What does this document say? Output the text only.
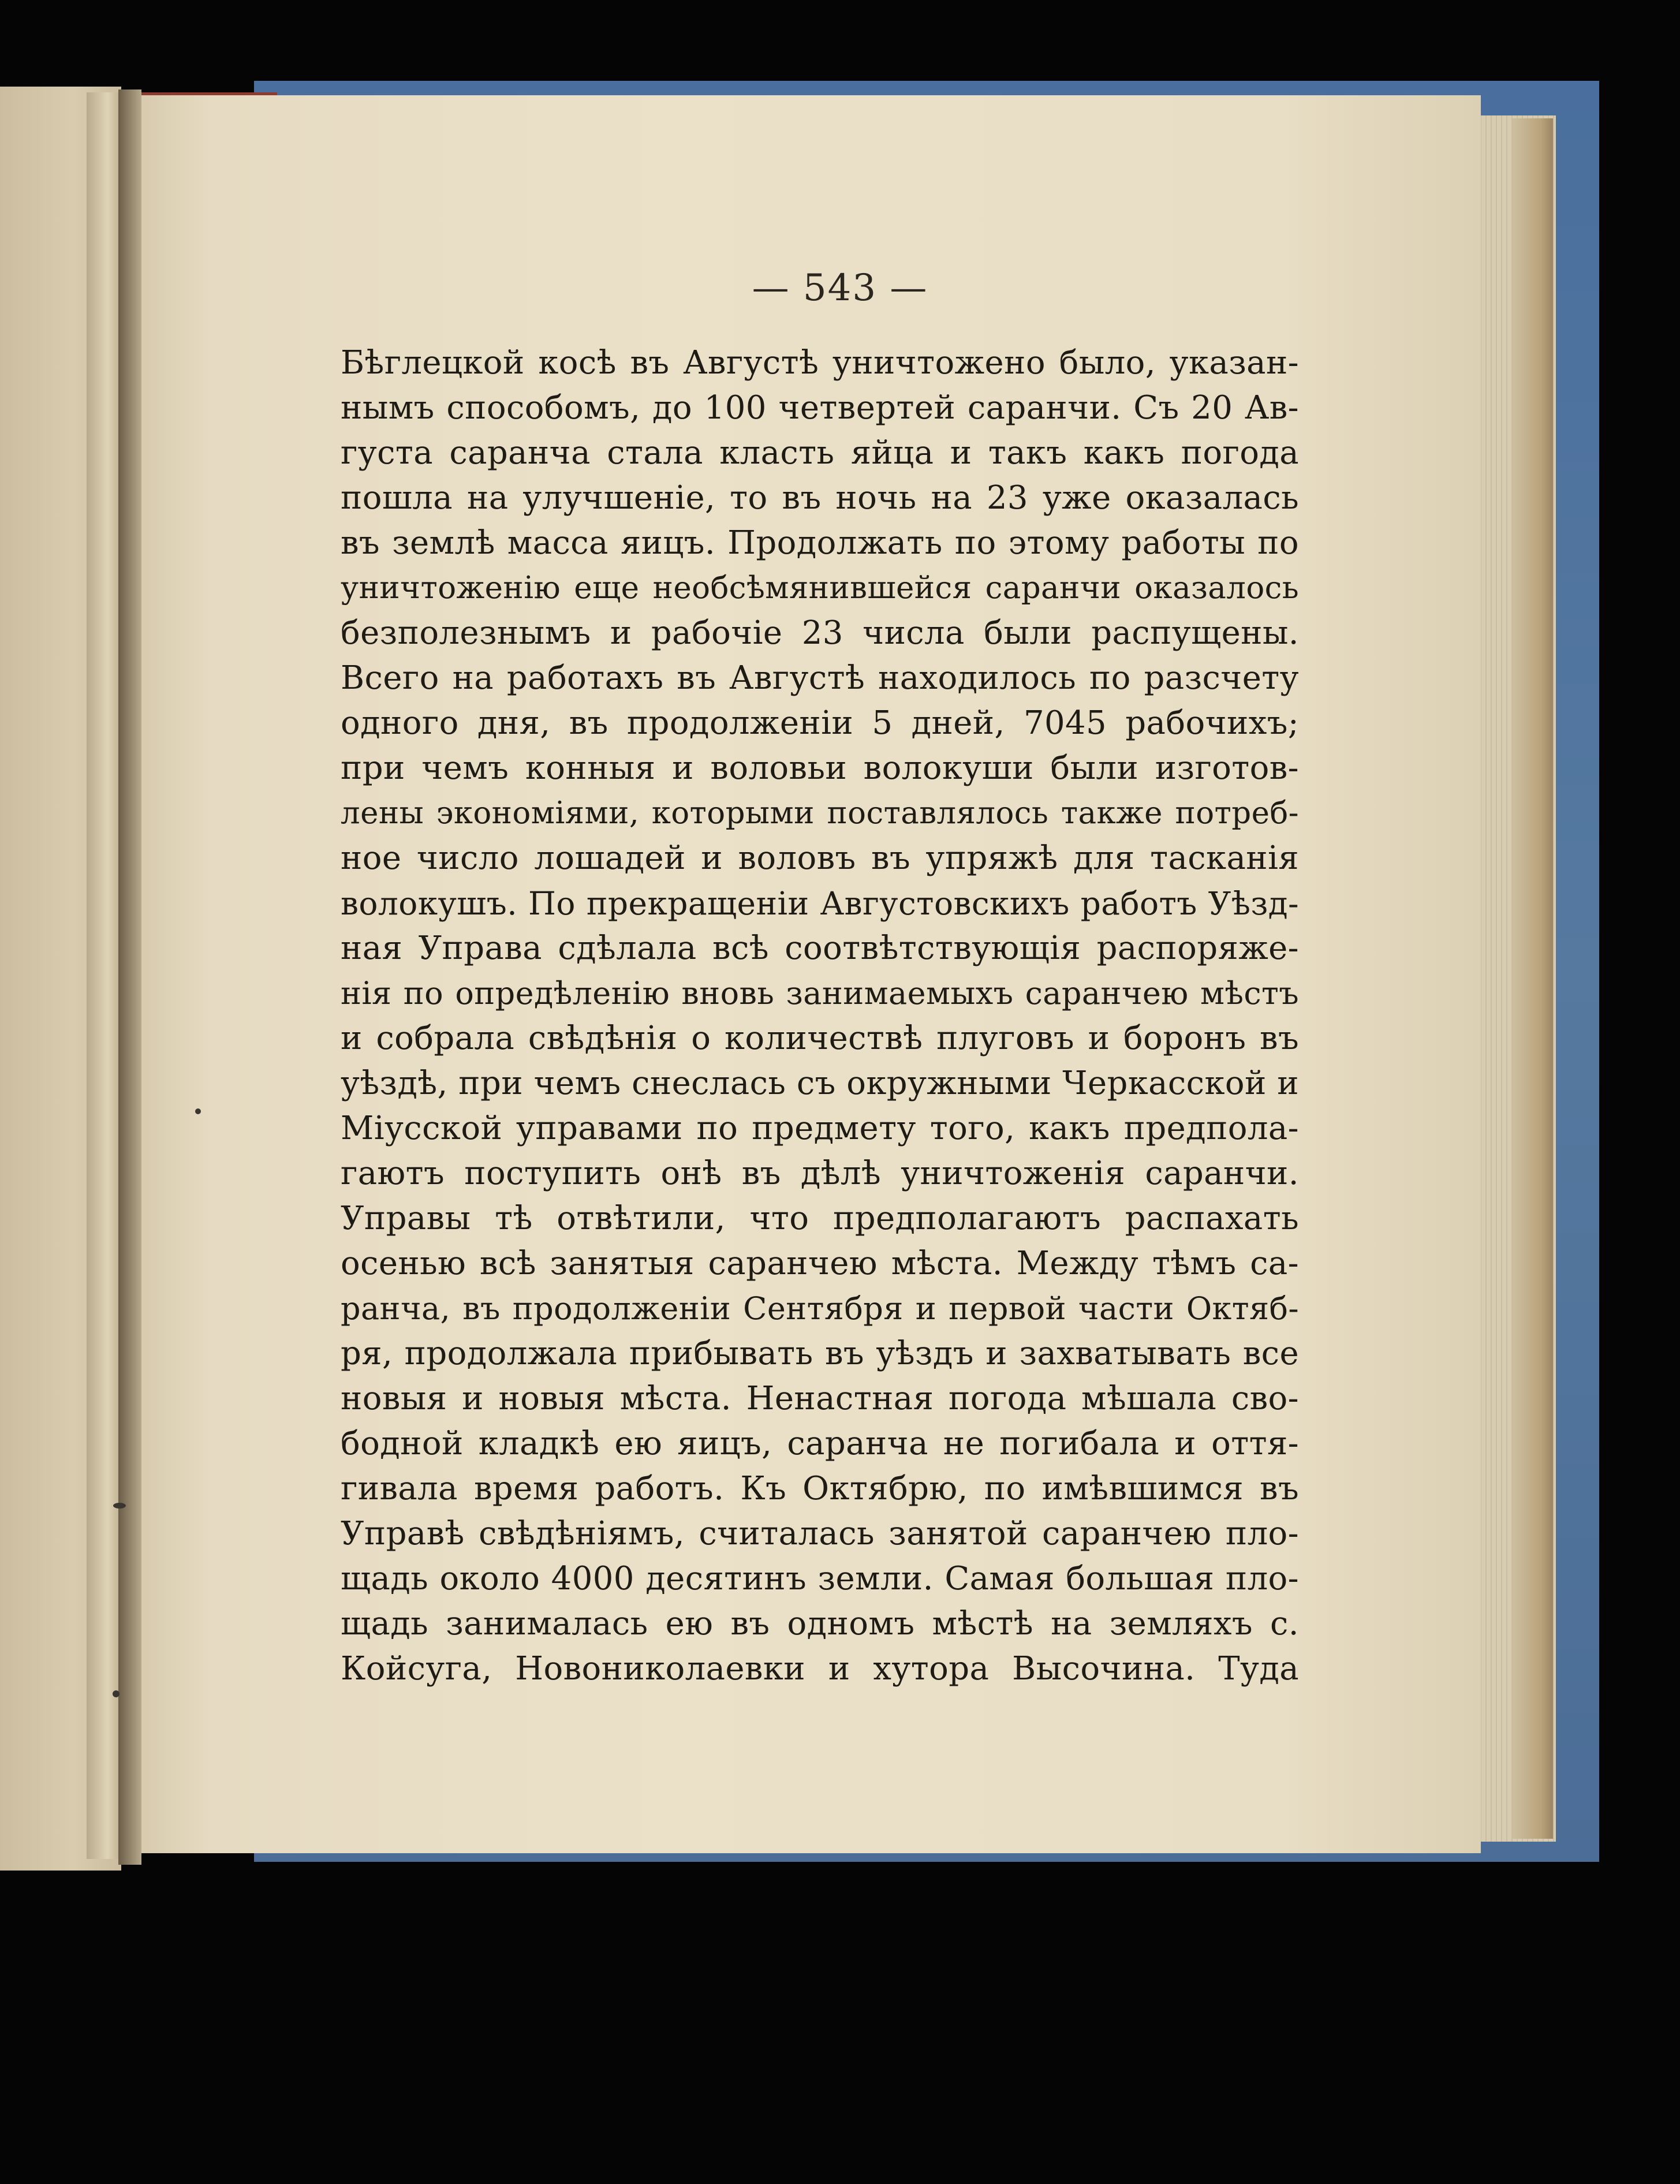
— 543 —
Бѣглецкой косѣ въ Августѣ уничтожено было, указан-
нымъ способомъ, до 100 четвертей саранчи. Съ 20 Ав-
густа саранча стала класть яйца и такъ какъ погода
пошла на улучшеніе, то въ ночь на 23 уже оказалась
въ землѣ масса яицъ. Продолжать по этому работы по
уничтоженію еще необсѣмянившейся саранчи оказалось
безполезнымъ и рабочіе 23 числа были распущены.
Всего на работахъ въ Августѣ находилось по разсчету
одного дня, въ продолженіи 5 дней, 7045 рабочихъ;
при чемъ конныя и воловьи волокуши были изготов-
лены экономіями, которыми поставлялось также потреб-
ное число лошадей и воловъ въ упряжѣ для тасканія
волокушъ. По прекращеніи Августовскихъ работъ Уѣзд-
ная Управа сдѣлала всѣ соотвѣтствующія распоряже-
нія по опредѣленію вновь занимаемыхъ саранчею мѣстъ
и собрала свѣдѣнія о количествѣ плуговъ и боронъ въ
уѣздѣ, при чемъ снеслась съ окружными Черкасской и
Міусской управами по предмету того, какъ предпола-
гаютъ поступить онѣ въ дѣлѣ уничтоженія саранчи.
Управы тѣ отвѣтили, что предполагаютъ распахать
осенью всѣ занятыя саранчею мѣста. Между тѣмъ са-
ранча, въ продолженіи Сентября и первой части Октяб-
ря, продолжала прибывать въ уѣздъ и захватывать все
новыя и новыя мѣста. Ненастная погода мѣшала сво-
бодной кладкѣ ею яицъ, саранча не погибала и оття-
гивала время работъ. Къ Октябрю, по имѣвшимся въ
Управѣ свѣдѣніямъ, считалась занятой саранчею пло-
щадь около 4000 десятинъ земли. Самая большая пло-
щадь занималась ею въ одномъ мѣстѣ на земляхъ с.
Койсуга, Новониколаевки и хутора Высочина. Туда
